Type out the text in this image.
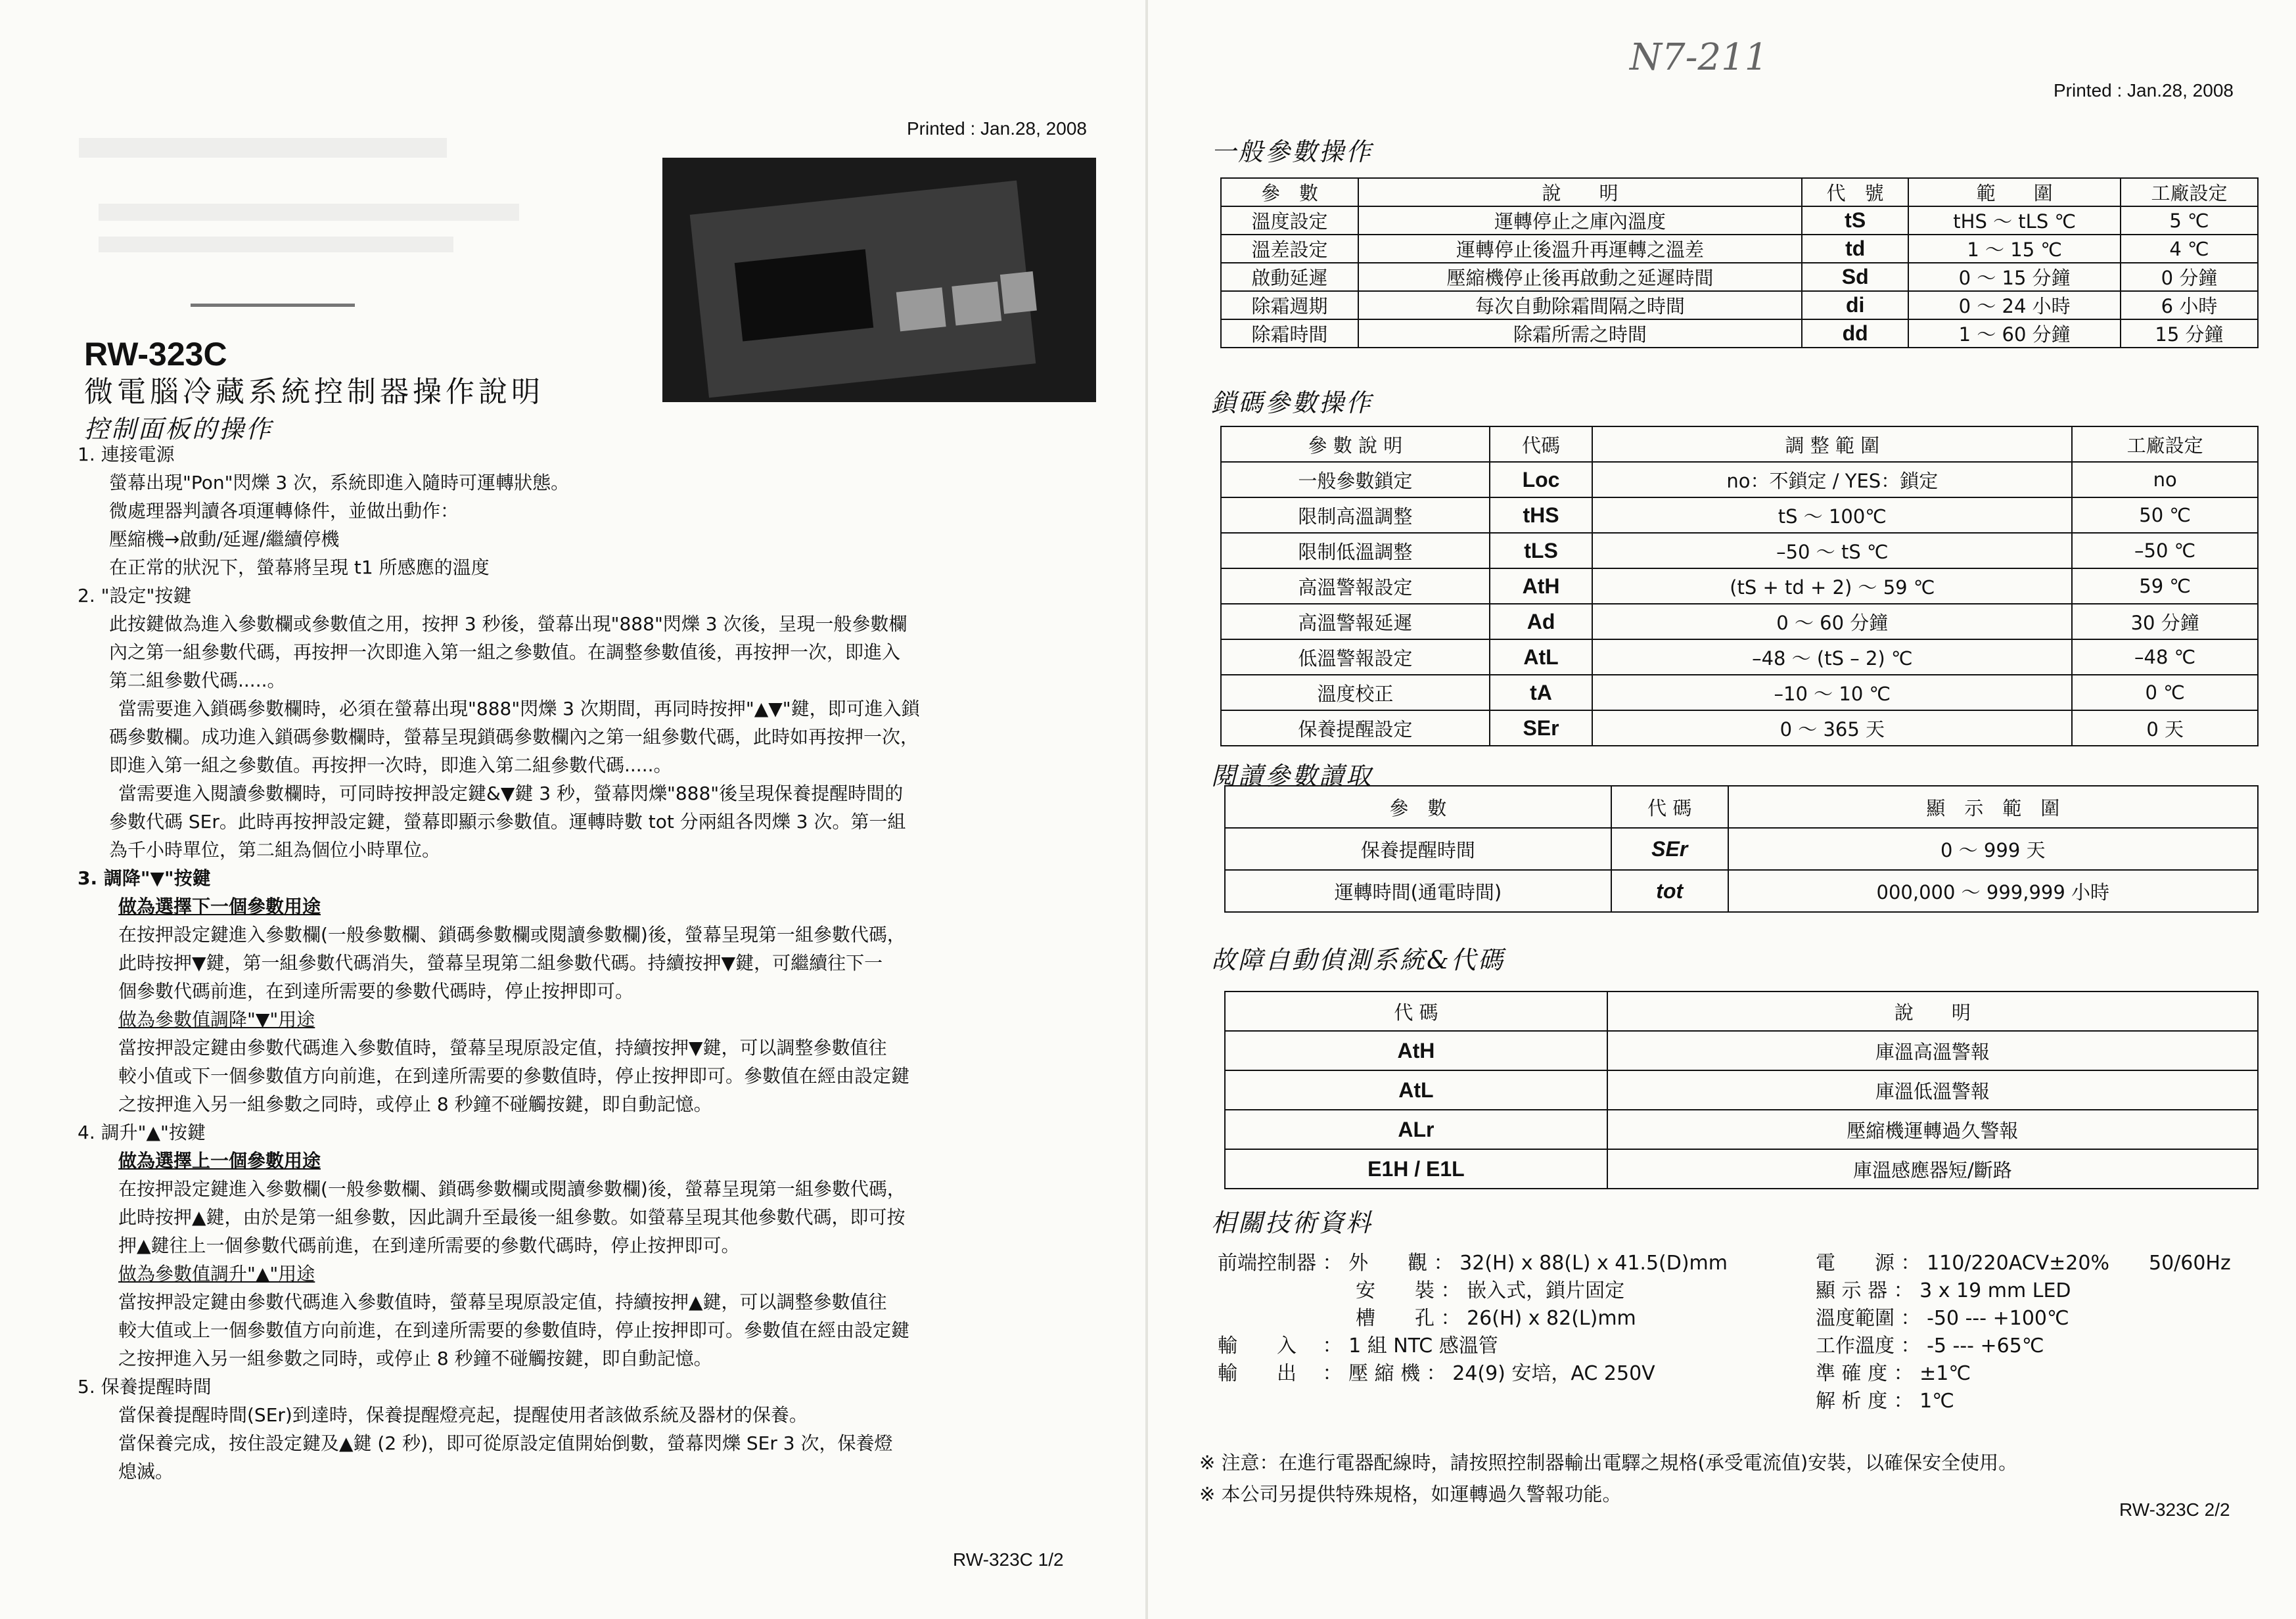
Printed : Jan.28, 2008
RW-323C
微電腦冷藏系統控制器操作說明
控制面板的操作
1. 連接電源
螢幕出現"Pon"閃爍 3 次，系統即進入隨時可運轉狀態。
微處理器判讀各項運轉條件，並做出動作：
壓縮機→啟動/延遲/繼續停機
在正常的狀況下，螢幕將呈現 t1 所感應的溫度
2. "設定"按鍵
此按鍵做為進入參數欄或參數值之用，按押 3 秒後，螢幕出現"888"閃爍 3 次後，呈現一般參數欄
內之第一組參數代碼，再按押一次即進入第一組之參數值。在調整參數值後，再按押一次，即進入
第二組參數代碼.....。
當需要進入鎖碼參數欄時，必須在螢幕出現"888"閃爍 3 次期間，再同時按押"▲▼"鍵，即可進入鎖
碼參數欄。成功進入鎖碼參數欄時，螢幕呈現鎖碼參數欄內之第一組參數代碼，此時如再按押一次，
即進入第一組之參數值。再按押一次時，即進入第二組參數代碼.....。
當需要進入閱讀參數欄時，可同時按押設定鍵&▼鍵 3 秒，螢幕閃爍"888"後呈現保養提醒時間的
參數代碼 SEr。此時再按押設定鍵，螢幕即顯示參數值。運轉時數 tot 分兩組各閃爍 3 次。第一組
為千小時單位，第二組為個位小時單位。
3. 調降"▼"按鍵
做為選擇下一個參數用途
在按押設定鍵進入參數欄(一般參數欄、鎖碼參數欄或閱讀參數欄)後，螢幕呈現第一組參數代碼，
此時按押▼鍵，第一組參數代碼消失，螢幕呈現第二組參數代碼。持續按押▼鍵，可繼續往下一
個參數代碼前進，在到達所需要的參數代碼時，停止按押即可。
做為參數值調降"▼"用途
當按押設定鍵由參數代碼進入參數值時，螢幕呈現原設定值，持續按押▼鍵，可以調整參數值往
較小值或下一個參數值方向前進，在到達所需要的參數值時，停止按押即可。參數值在經由設定鍵
之按押進入另一組參數之同時，或停止 8 秒鐘不碰觸按鍵，即自動記憶。
4. 調升"▲"按鍵
做為選擇上一個參數用途
在按押設定鍵進入參數欄(一般參數欄、鎖碼參數欄或閱讀參數欄)後，螢幕呈現第一組參數代碼，
此時按押▲鍵，由於是第一組參數，因此調升至最後一組參數。如螢幕呈現其他參數代碼，即可按
押▲鍵往上一個參數代碼前進，在到達所需要的參數代碼時，停止按押即可。
做為參數值調升"▲"用途
當按押設定鍵由參數代碼進入參數值時，螢幕呈現原設定值，持續按押▲鍵，可以調整參數值往
較大值或上一個參數值方向前進，在到達所需要的參數值時，停止按押即可。參數值在經由設定鍵
之按押進入另一組參數之同時，或停止 8 秒鐘不碰觸按鍵，即自動記憶。
5. 保養提醒時間
當保養提醒時間(SEr)到達時，保養提醒燈亮起，提醒使用者該做系統及器材的保養。
當保養完成，按住設定鍵及▲鍵 (2 秒)，即可從原設定值開始倒數，螢幕閃爍 SEr 3 次，保養燈
熄滅。
RW-323C 1/2
N7-211
Printed : Jan.28, 2008
一般參數操作
參　數	說　　明	代　號	範　　圍	工廠設定
溫度設定	運轉停止之庫內溫度	tS	tHS ～ tLS ℃	5 ℃
溫差設定	運轉停止後溫升再運轉之溫差	td	1 ～ 15 ℃	4 ℃
啟動延遲	壓縮機停止後再啟動之延遲時間	Sd	0 ～ 15 分鐘	0 分鐘
除霜週期	每次自動除霜間隔之時間	di	0 ～ 24 小時	6 小時
除霜時間	除霜所需之時間	dd	1 ～ 60 分鐘	15 分鐘
鎖碼參數操作
參 數 說 明	代碼	調 整 範 圍	工廠設定
一般參數鎖定	Loc	no：不鎖定 / YES：鎖定	no
限制高溫調整	tHS	tS ～ 100℃	50 ℃
限制低溫調整	tLS	–50 ～ tS ℃	–50 ℃
高溫警報設定	AtH	(tS + td + 2) ～ 59 ℃	59 ℃
高溫警報延遲	Ad	0 ～ 60 分鐘	30 分鐘
低溫警報設定	AtL	–48 ～ (tS – 2) ℃	–48 ℃
溫度校正	tA	–10 ～ 10 ℃	0 ℃
保養提醒設定	SEr	0 ～ 365 天	0 天
閱讀參數讀取
參　數	代 碼	顯　示　範　圍
保養提醒時間	SEr	0 ～ 999 天
運轉時間(通電時間)	tot	000,000 ～ 999,999 小時
故障自動偵測系統&代碼
代 碼	說　　明
AtH	庫溫高溫警報
AtL	庫溫低溫警報
ALr	壓縮機運轉過久警報
E1H / E1L	庫溫感應器短/斷路
相關技術資料
前端控制器 ： 外　　觀 ： 32(H) x 88(L) x 41.5(D)mm
　　　　　　　安　　裝 ： 嵌入式，鎖片固定
　　　　　　　槽　　孔 ： 26(H) x 82(L)mm
輸　　入　 ： 1 組 NTC 感溫管
輸　　出　 ： 壓 縮 機 ： 24(9) 安培，AC 250V
電　　源 ： 110/220ACV±20%　　50/60Hz
顯 示 器 ： 3 x 19 mm LED
溫度範圍 ： -50 --- +100℃
工作溫度 ： -5 --- +65℃
準 確 度 ： ±1℃
解 析 度 ： 1℃
※ 注意：在進行電器配線時，請按照控制器輸出電驛之規格(承受電流值)安裝，以確保安全使用。
※ 本公司另提供特殊規格，如運轉過久警報功能。
RW-323C 2/2
